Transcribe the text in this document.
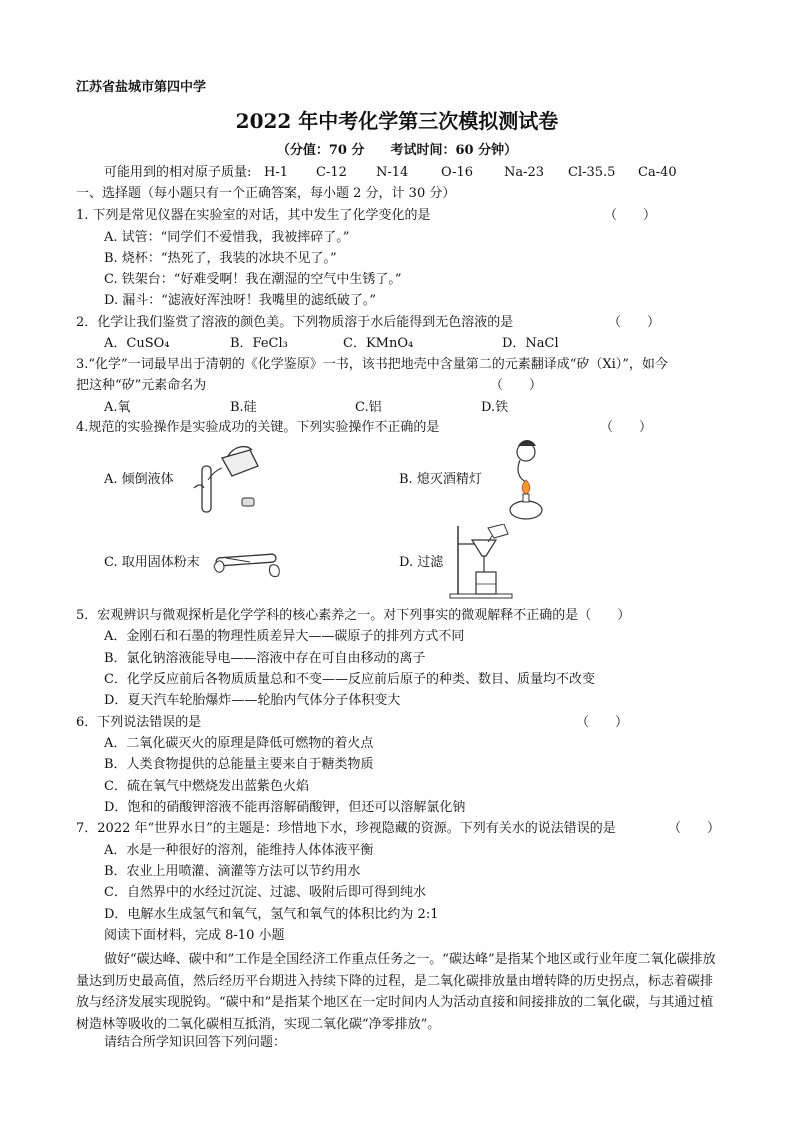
江苏省盐城市第四中学
2022 年中考化学第三次模拟测试卷
（分值：70 分　　考试时间：60 分钟）
可能用到的相对原子质量: H-1 C-12 N-14	O-16 Na-23 Cl-35.5 Ca-40
一、选择题（每小题只有一个正确答案，每小题 2 分，计 30 分）
1. 下列是常见仪器在实验室的对话，其中发生了化学变化的是	（　　）
A. 试管：“同学们不爱惜我，我被摔碎了。”
B. 烧杯：“热死了，我装的冰块不见了。”
C. 铁架台：“好难受啊！我在潮湿的空气中生锈了。”
D. 漏斗：“滤液好浑浊呀！我嘴里的滤纸破了。”
2．化学让我们鉴赏了溶液的颜色美。下列物质溶于水后能得到无色溶液的是	（　　）
A．CuSO₄	B．FeCl₃	C．KMnO₄	D．NaCl
3.“化学”一词最早出于清朝的《化学鉴原》一书，该书把地壳中含量第二的元素翻译成“矽（Xi）”，如今
把这种“矽”元素命名为	（　　）
A.氧	B.硅	C.铝	D.铁
4.规范的实验操作是实验成功的关键。下列实验操作不正确的是	（　　）
A. 倾倒液体	B. 熄灭酒精灯
C. 取用固体粉末	D. 过滤
5．宏观辨识与微观探析是化学学科的核心素养之一。对下列事实的微观解释不正确的是（　　）
A．金刚石和石墨的物理性质差异大——碳原子的排列方式不同
B．氯化钠溶液能导电——溶液中存在可自由移动的离子
C．化学反应前后各物质质量总和不变——反应前后原子的种类、数目、质量均不改变
D．夏天汽车轮胎爆炸——轮胎内气体分子体积变大
6．下列说法错误的是	（　　）
A．二氧化碳灭火的原理是降低可燃物的着火点
B．人类食物提供的总能量主要来自于糖类物质
C．硫在氧气中燃烧发出蓝紫色火焰
D．饱和的硝酸钾溶液不能再溶解硝酸钾，但还可以溶解氯化钠
7．2022 年“世界水日”的主题是：珍惜地下水，珍视隐藏的资源。下列有关水的说法错误的是	（　　）
A．水是一种很好的溶剂，能维持人体体液平衡
B．农业上用喷灌、滴灌等方法可以节约用水
C．自然界中的水经过沉淀、过滤、吸附后即可得到纯水
D．电解水生成氢气和氧气，氢气和氧气的体积比约为 2:1
阅读下面材料，完成 8-10 小题
做好“碳达峰、碳中和”工作是全国经济工作重点任务之一。“碳达峰”是指某个地区或行业年度二氧化碳排放量达到历史最高值，然后经历平台期进入持续下降的过程，是二氧化碳排放量由增转降的历史拐点，标志着碳排放与经济发展实现脱钩。“碳中和”是指某个地区在一定时间内人为活动直接和间接排放的二氧化碳，与其通过植树造林等吸收的二氧化碳相互抵消，实现二氧化碳“净零排放”。
请结合所学知识回答下列问题：
